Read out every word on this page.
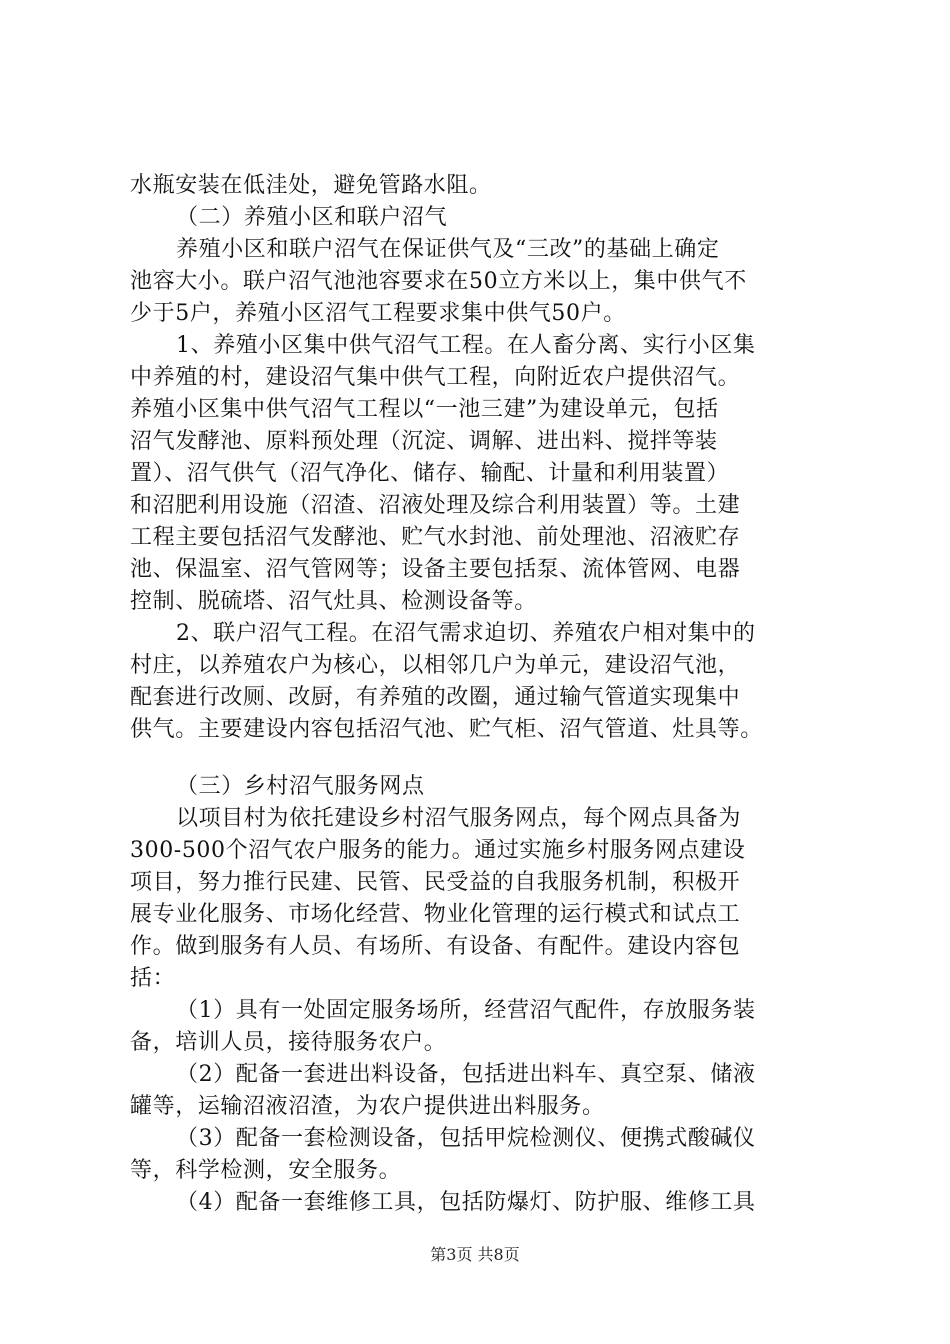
水瓶安装在低洼处，避免管路水阻。
（二）养殖小区和联户沼气
养殖小区和联户沼气在保证供气及“三改”的基础上确定
池容大小。联户沼气池池容要求在50立方米以上，集中供气不
少于5户，养殖小区沼气工程要求集中供气50户。
1、养殖小区集中供气沼气工程。在人畜分离、实行小区集
中养殖的村，建设沼气集中供气工程，向附近农户提供沼气。
养殖小区集中供气沼气工程以“一池三建”为建设单元，包括
沼气发酵池、原料预处理（沉淀、调解、进出料、搅拌等装
置）、沼气供气（沼气净化、储存、输配、计量和利用装置）
和沼肥利用设施（沼渣、沼液处理及综合利用装置）等。土建
工程主要包括沼气发酵池、贮气水封池、前处理池、沼液贮存
池、保温室、沼气管网等；设备主要包括泵、流体管网、电器
控制、脱硫塔、沼气灶具、检测设备等。
2、联户沼气工程。在沼气需求迫切、养殖农户相对集中的
村庄，以养殖农户为核心，以相邻几户为单元，建设沼气池，
配套进行改厕、改厨，有养殖的改圈，通过输气管道实现集中
供气。主要建设内容包括沼气池、贮气柜、沼气管道、灶具等。
（三）乡村沼气服务网点
以项目村为依托建设乡村沼气服务网点，每个网点具备为
300-500个沼气农户服务的能力。通过实施乡村服务网点建设
项目，努力推行民建、民管、民受益的自我服务机制，积极开
展专业化服务、市场化经营、物业化管理的运行模式和试点工
作。做到服务有人员、有场所、有设备、有配件。建设内容包
括：
（1）具有一处固定服务场所，经营沼气配件，存放服务装
备，培训人员，接待服务农户。
（2）配备一套进出料设备，包括进出料车、真空泵、储液
罐等，运输沼液沼渣，为农户提供进出料服务。
（3）配备一套检测设备，包括甲烷检测仪、便携式酸碱仪
等，科学检测，安全服务。
（4）配备一套维修工具，包括防爆灯、防护服、维修工具
第3页 共8页
